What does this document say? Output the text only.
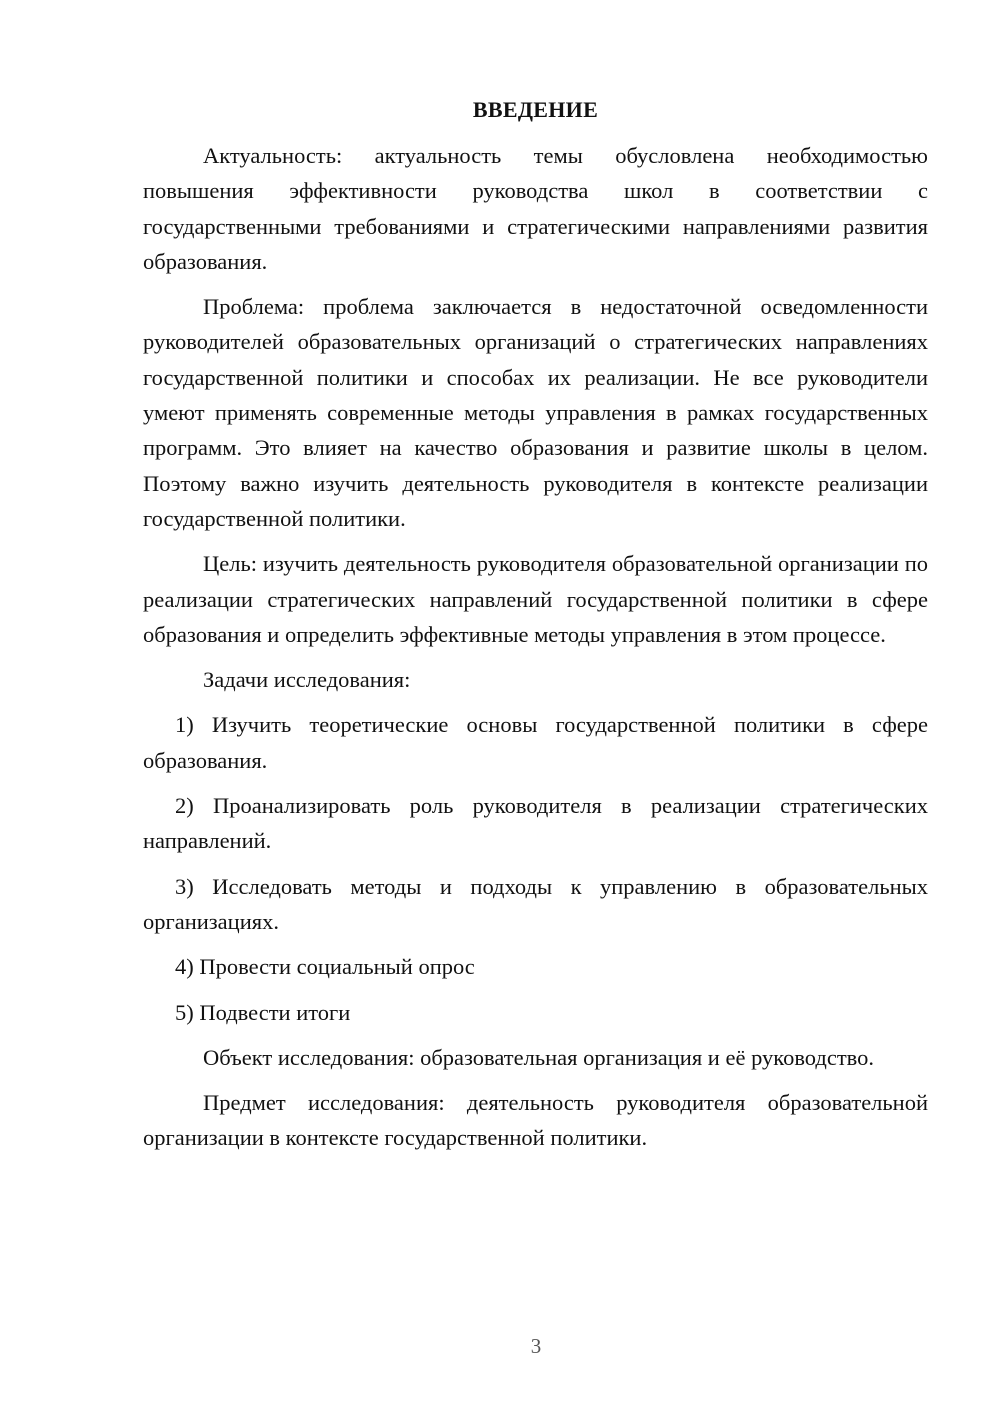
ВВЕДЕНИЕ

Актуальность: актуальность темы обусловлена необходимостью повышения эффективности руководства школ в соответствии с государственными требованиями и стратегическими направлениями развития образования.

Проблема: проблема заключается в недостаточной осведомленности руководителей образовательных организаций о стратегических направлениях государственной политики и способах их реализации. Не все руководители умеют применять современные методы управления в рамках государственных программ. Это влияет на качество образования и развитие школы в целом. Поэтому важно изучить деятельность руководителя в контексте реализации государственной политики.

Цель: изучить деятельность руководителя образовательной организации по реализации стратегических направлений государственной политики в сфере образования и определить эффективные методы управления в этом процессе.

Задачи исследования:

1) Изучить теоретические основы государственной политики в сфере образования.

2) Проанализировать роль руководителя в реализации стратегических направлений.

3) Исследовать методы и подходы к управлению в образовательных организациях.

4) Провести социальный опрос

5) Подвести итоги

Объект исследования: образовательная организация и её руководство.

Предмет исследования: деятельность руководителя образовательной организации в контексте государственной политики.

3
